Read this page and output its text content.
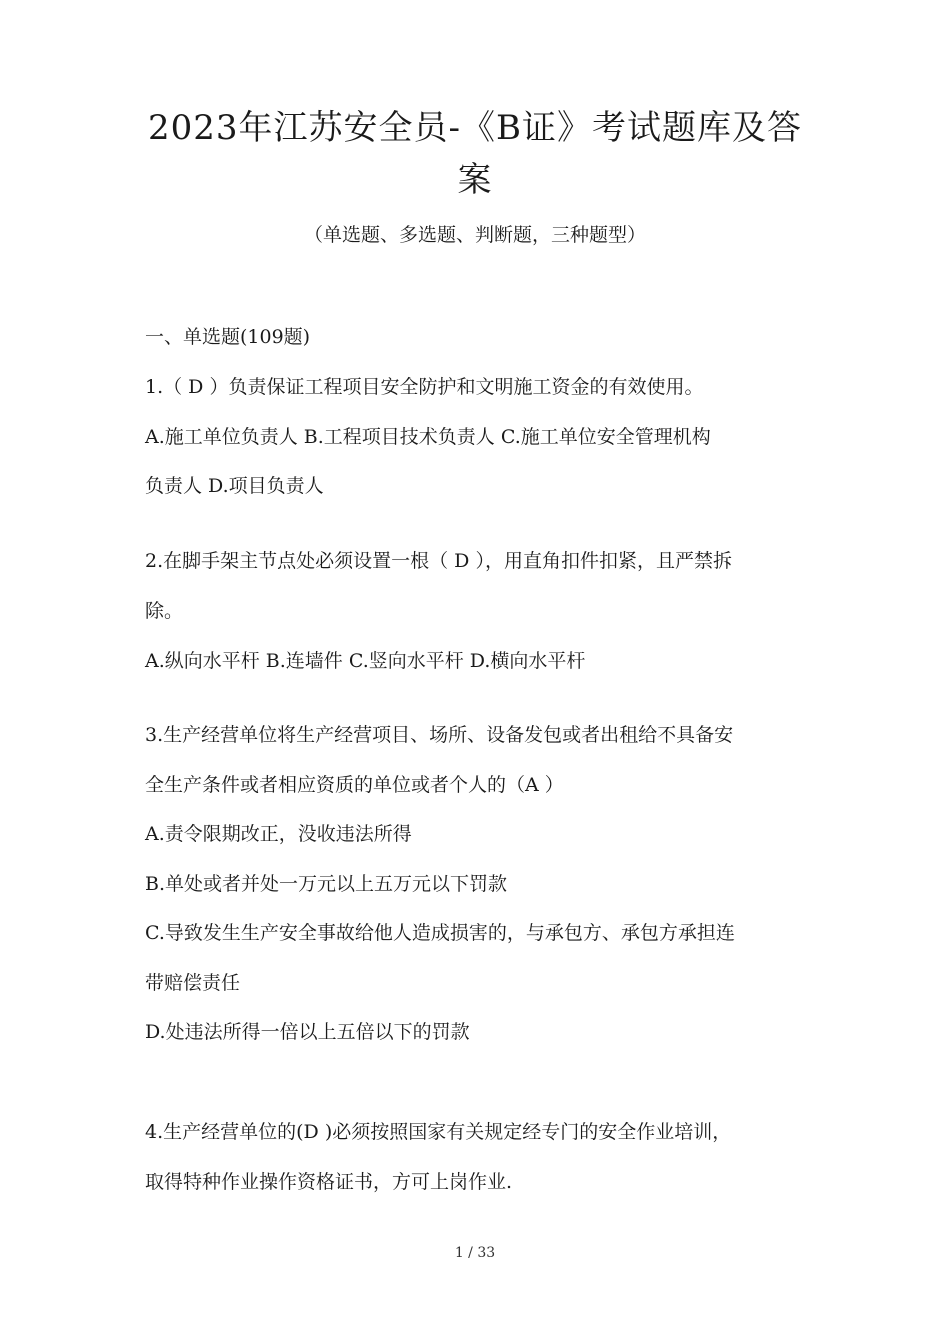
2023年江苏安全员-《B证》考试题库及答
案
（单选题、多选题、判断题，三种题型）
一、单选题(109题)
1.（ D ）负责保证工程项目安全防护和文明施工资金的有效使用。
A.施工单位负责人 B.工程项目技术负责人 C.施工单位安全管理机构
负责人 D.项目负责人
2.在脚手架主节点处必须设置一根（ D ），用直角扣件扣紧，且严禁拆
除。
A.纵向水平杆 B.连墙件 C.竖向水平杆 D.横向水平杆
3.生产经营单位将生产经营项目、场所、设备发包或者出租给不具备安
全生产条件或者相应资质的单位或者个人的（A ）
A.责令限期改正，没收违法所得
B.单处或者并处一万元以上五万元以下罚款
C.导致发生生产安全事故给他人造成损害的，与承包方、承包方承担连
带赔偿责任
D.处违法所得一倍以上五倍以下的罚款
4.生产经营单位的(D )必须按照国家有关规定经专门的安全作业培训，
取得特种作业操作资格证书，方可上岗作业.
1 / 33
